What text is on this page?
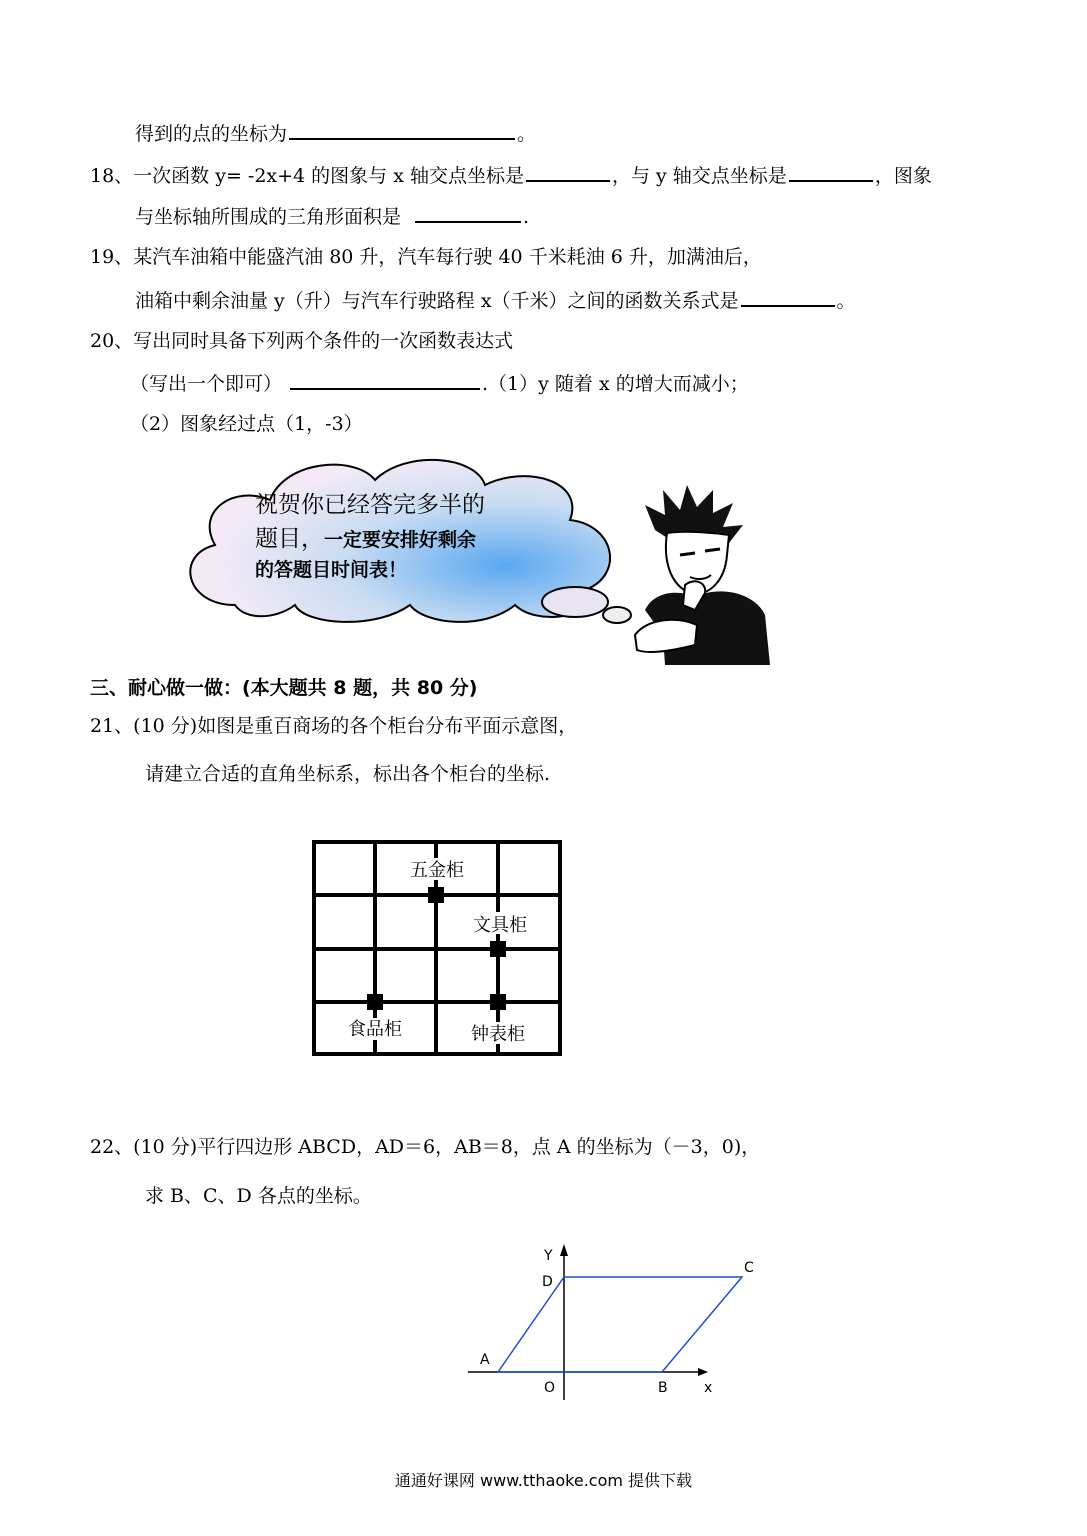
得到的点的坐标为	。
18、一次函数 y= -2x+4 的图象与 x 轴交点坐标是	，与 y 轴交点坐标是	，图象
与坐标轴所围成的三角形面积是	.
19、某汽车油箱中能盛汽油 80 升，汽车每行驶 40 千米耗油 6 升，加满油后，
油箱中剩余油量 y（升）与汽车行驶路程 x（千米）之间的函数关系式是	。
20、写出同时具备下列两个条件的一次函数表达式
（写出一个即可）	.（1）y 随着 x 的增大而减小；
（2）图象经过点（1，-3）
祝贺你已经答完多半的
题目，一定要安排好剩余
的答题目时间表！
三、耐心做一做：(本大题共 8 题，共 80 分)
21、(10 分)如图是重百商场的各个柜台分布平面示意图，
请建立合适的直角坐标系，标出各个柜台的坐标.
五金柜
文具柜
食品柜	钟表柜
22、(10 分)平行四边形 ABCD，AD＝6，AB＝8，点 A 的坐标为（－3，0)，
求 B、C、D 各点的坐标。
Y
D
C
A
O	B	x
通通好课网 www.tthaoke.com 提供下载
